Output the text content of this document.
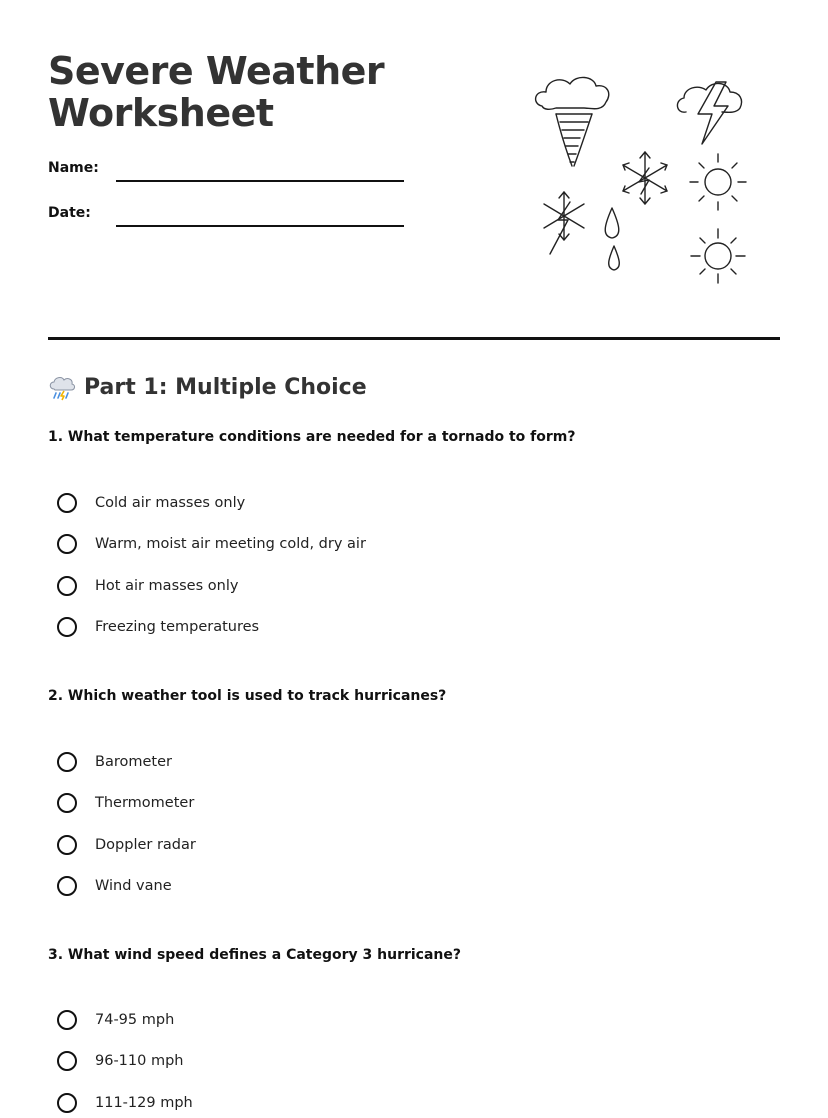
Severe Weather
Worksheet
Name:
Date:
Part 1: Multiple Choice

1. What temperature conditions are needed for a tornado to form?

Cold air masses only
Warm, moist air meeting cold, dry air
Hot air masses only
Freezing temperatures

2. Which weather tool is used to track hurricanes?

Barometer
Thermometer
Doppler radar
Wind vane

3. What wind speed defines a Category 3 hurricane?

74-95 mph
96-110 mph
111-129 mph
